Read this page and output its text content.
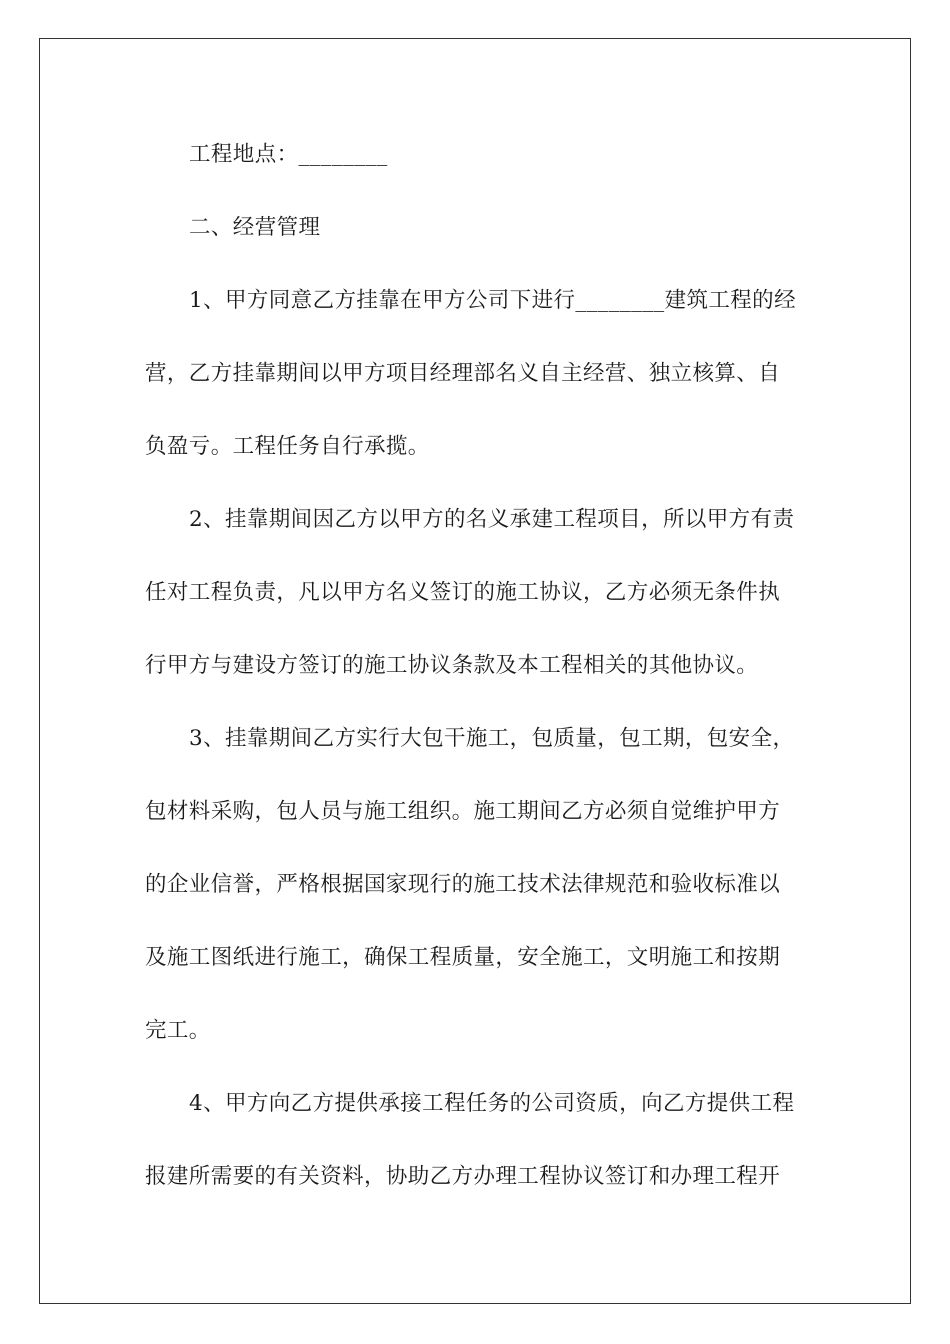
工程地点：________
二、经营管理
1、甲方同意乙方挂靠在甲方公司下进行________建筑工程的经
营，乙方挂靠期间以甲方项目经理部名义自主经营、独立核算、自
负盈亏。工程任务自行承揽。
2、挂靠期间因乙方以甲方的名义承建工程项目，所以甲方有责
任对工程负责，凡以甲方名义签订的施工协议，乙方必须无条件执
行甲方与建设方签订的施工协议条款及本工程相关的其他协议。
3、挂靠期间乙方实行大包干施工，包质量，包工期，包安全，
包材料采购，包人员与施工组织。施工期间乙方必须自觉维护甲方
的企业信誉，严格根据国家现行的施工技术法律规范和验收标准以
及施工图纸进行施工，确保工程质量，安全施工，文明施工和按期
完工。
4、甲方向乙方提供承接工程任务的公司资质，向乙方提供工程
报建所需要的有关资料，协助乙方办理工程协议签订和办理工程开
